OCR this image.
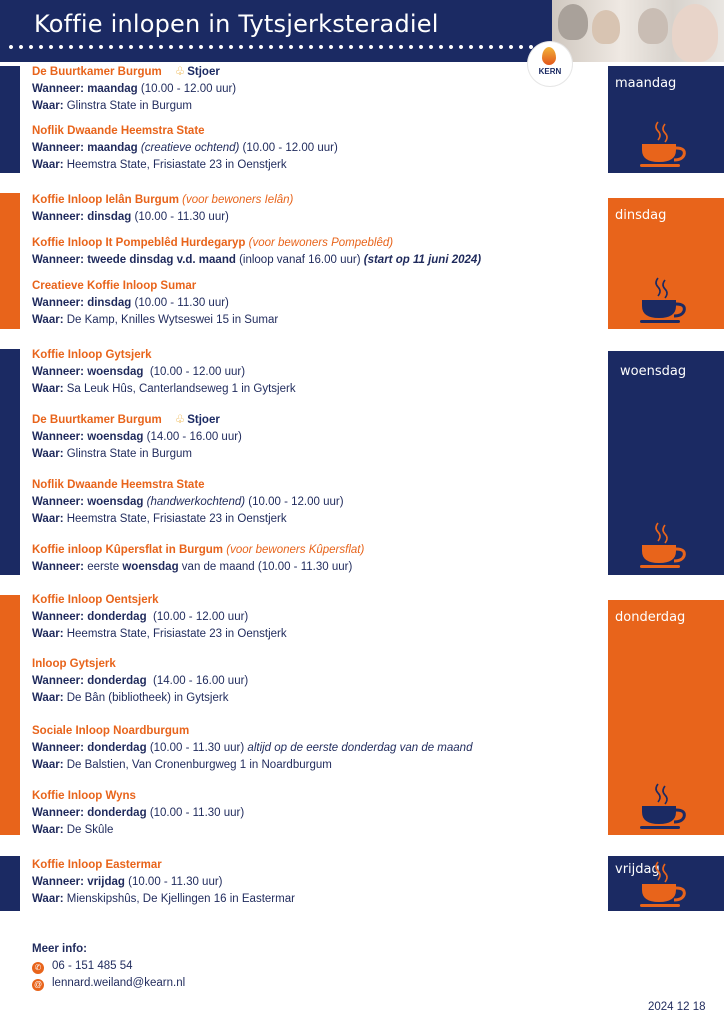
Koffie inlopen in Tytsjerksteradiel
KERN
maandag
dinsdag
woensdag
donderdag
vrijdag
De Buurtkamer Burgum ♧ Stjoer
Wanneer: maandag (10.00 - 12.00 uur)
Waar: Glinstra State in Burgum
Noflik Dwaande Heemstra State
Wanneer: maandag (creatieve ochtend) (10.00 - 12.00 uur)
Waar: Heemstra State, Frisiastate 23 in Oenstjerk
Koffie Inloop Ielân Burgum (voor bewoners Ielân)
Wanneer: dinsdag (10.00 - 11.30 uur)
Koffie Inloop It Pompeblêd Hurdegaryp (voor bewoners Pompeblêd)
Wanneer: tweede dinsdag v.d. maand (inloop vanaf 16.00 uur) (start op 11 juni 2024)
Creatieve Koffie Inloop Sumar
Wanneer: dinsdag (10.00 - 11.30 uur)
Waar: De Kamp, Knilles Wytseswei 15 in Sumar
Koffie Inloop Gytsjerk
Wanneer: woensdag (10.00 - 12.00 uur)
Waar: Sa Leuk Hûs, Canterlandseweg 1 in Gytsjerk
De Buurtkamer Burgum ♧ Stjoer
Wanneer: woensdag (14.00 - 16.00 uur)
Waar: Glinstra State in Burgum
Noflik Dwaande Heemstra State
Wanneer: woensdag (handwerkochtend) (10.00 - 12.00 uur)
Waar: Heemstra State, Frisiastate 23 in Oenstjerk
Koffie inloop Kûpersflat in Burgum (voor bewoners Kûpersflat)
Wanneer: eerste woensdag van de maand (10.00 - 11.30 uur)
Koffie Inloop Oentsjerk
Wanneer: donderdag (10.00 - 12.00 uur)
Waar: Heemstra State, Frisiastate 23 in Oenstjerk
Inloop Gytsjerk
Wanneer: donderdag (14.00 - 16.00 uur)
Waar: De Bân (bibliotheek) in Gytsjerk
Sociale Inloop Noardburgum
Wanneer: donderdag (10.00 - 11.30 uur) altijd op de eerste donderdag van de maand
Waar: De Balstien, Van Cronenburgweg 1 in Noardburgum
Koffie Inloop Wyns
Wanneer: donderdag (10.00 - 11.30 uur)
Waar: De Skûle
Koffie Inloop Eastermar
Wanneer: vrijdag (10.00 - 11.30 uur)
Waar: Mienskipshûs, De Kjellingen 16 in Eastermar
Meer info:
✆ 06 - 151 485 54
@ lennard.weiland@kearn.nl
2024 12 18
